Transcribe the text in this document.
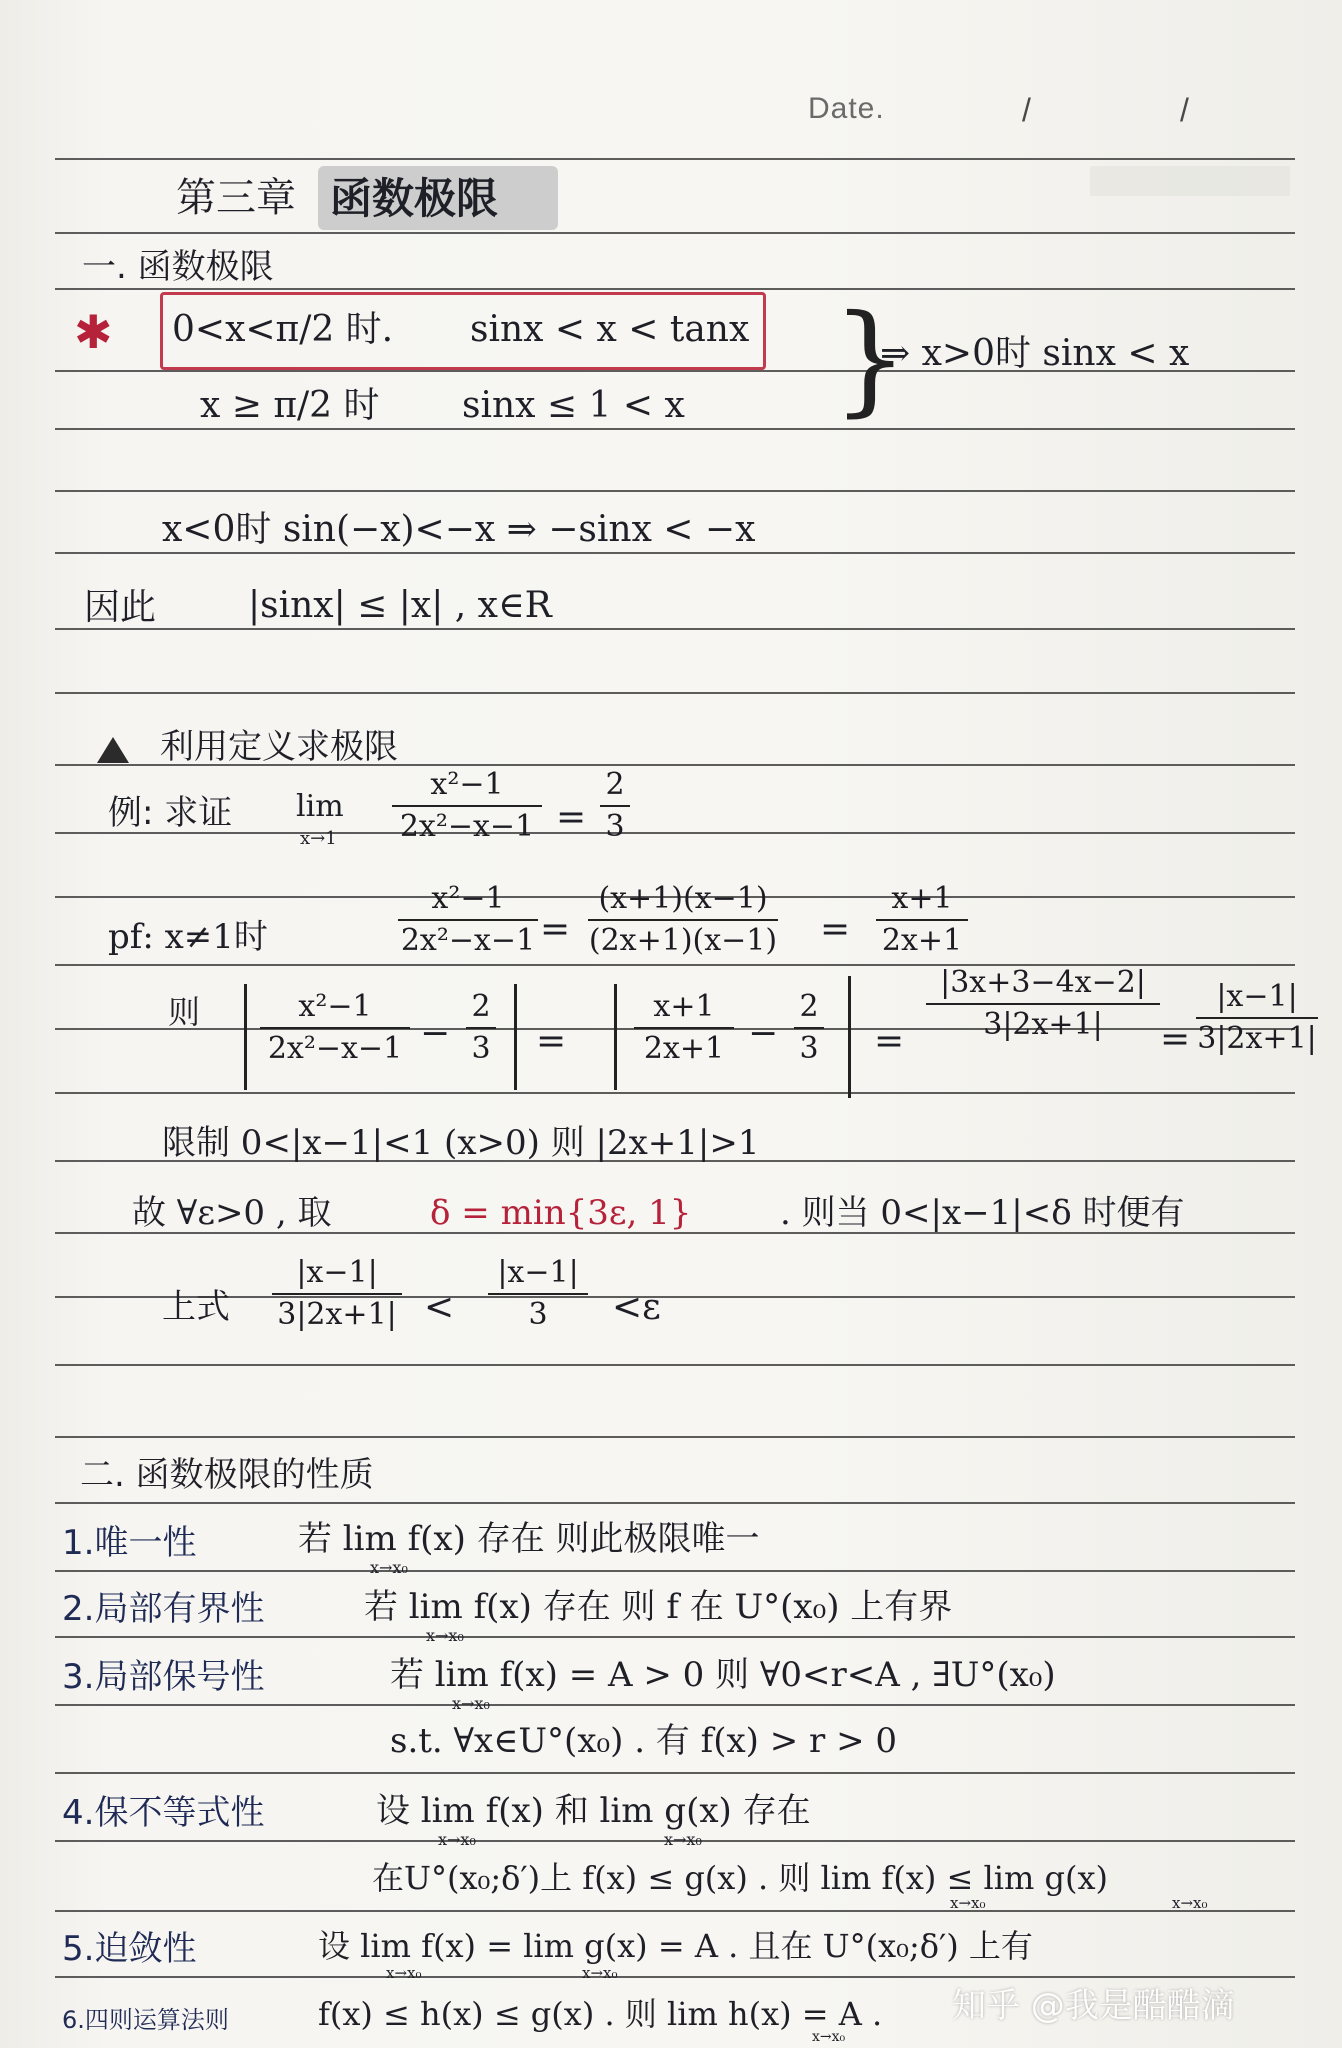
Date.	/	/
第三章 函数极限
一. 函数极限
✱ 0<x<π/2 时. sinx < x < tanx
x ≥ π/2 时 sinx ≤ 1 < x }
⇒ x>0时 sinx < x
x<0时 sin(−x)<−x ⇒ −sinx < −x
因此	|sinx| ≤ |x| , x∈R
利用定义求极限
例: 求证 lim
x→1
x²−1
2x²−x−1 =
2
3
pf: x≠1时
x²−1
2x²−x−1 =
(x+1)(x−1)
(2x+1)(x−1) =
x+1
2x+1
则	x²−1
2x²−x−1 −
2
3 =
x+1
2x+1 −
2
3 =
|3x+3−4x−2|
3|2x+1| =
|x−1|
3|2x+1|
限制 0<|x−1|<1 (x>0) 则 |2x+1|>1
故 ∀ε>0 , 取	δ = min{3ε, 1}	. 则当 0<|x−1|<δ 时便有
上式
|x−1|
3|2x+1| <
|x−1|
3 <ε
二. 函数极限的性质
1.唯一性	若 lim f(x) 存在 则此极限唯一
x→x₀
2.局部有界性	若 lim f(x) 存在 则 f 在 U°(x₀) 上有界
x→x₀
3.局部保号性	若 lim f(x) = A > 0 则 ∀0<r<A , ∃U°(x₀)
x→x₀
s.t. ∀x∈U°(x₀) . 有 f(x) > r > 0
4.保不等式性	设 lim f(x) 和 lim g(x) 存在
x→x₀	x→x₀
在U°(x₀;δ′)上 f(x) ≤ g(x) . 则 lim f(x) ≤ lim g(x)
x→x₀	x→x₀
5.迫敛性	设 lim f(x) = lim g(x) = A . 且在 U°(x₀;δ′) 上有
x→x₀	x→x₀
6.四则运算法则	f(x) ≤ h(x) ≤ g(x) . 则 lim h(x) = A .
x→x₀
知乎 @我是酷酷滴
